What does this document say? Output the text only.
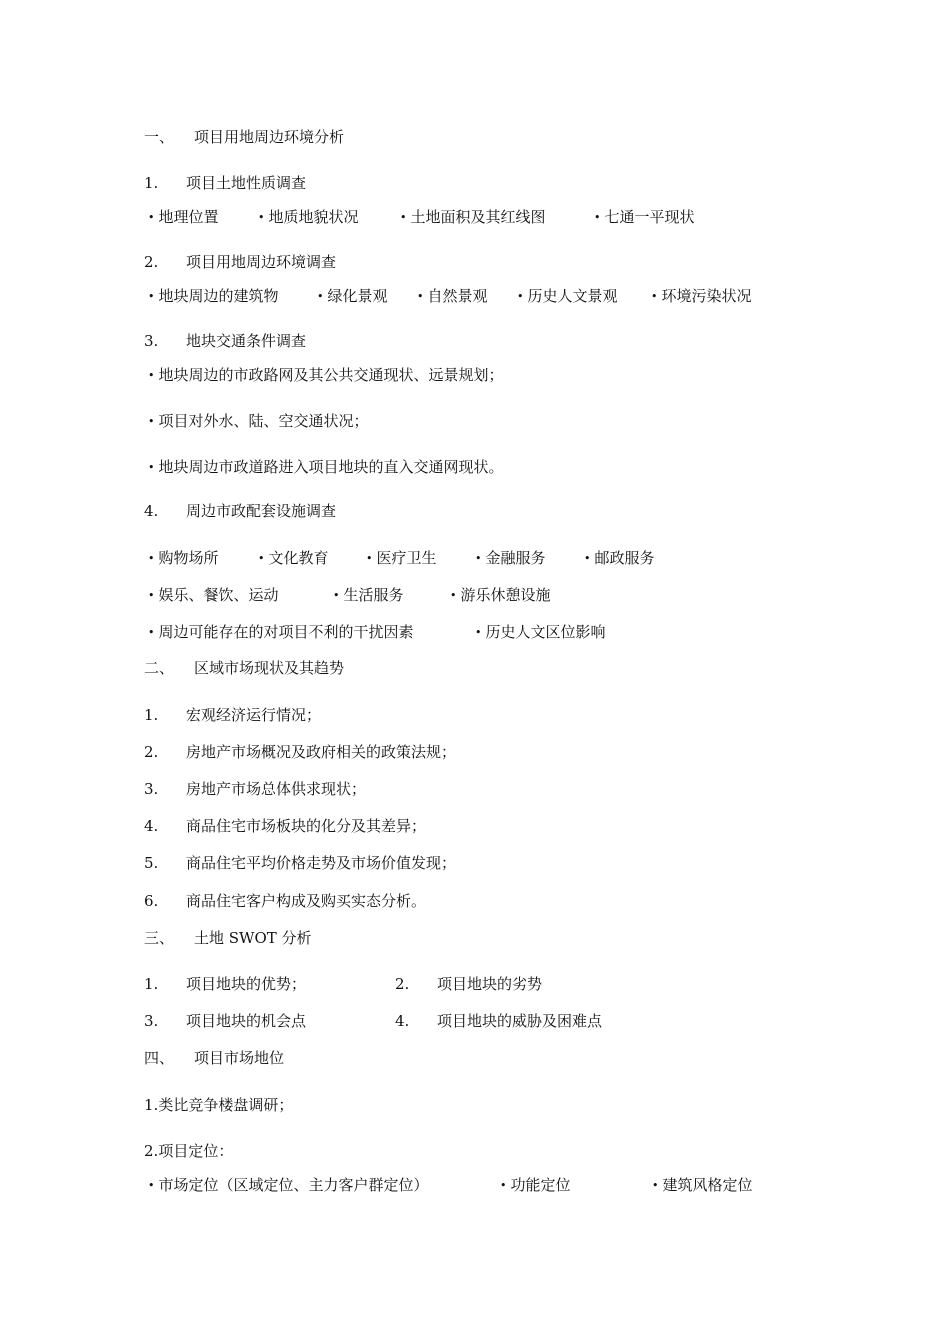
一、 项目用地周边环境分析
1. 项目土地性质调查
• 地理位置	• 地质地貌状况	• 土地面积及其红线图	• 七通一平现状
2. 项目用地周边环境调查
• 地块周边的建筑物	• 绿化景观	• 自然景观	• 历史人文景观	• 环境污染状况
3. 地块交通条件调查
• 地块周边的市政路网及其公共交通现状、远景规划；
• 项目对外水、陆、空交通状况；
• 地块周边市政道路进入项目地块的直入交通网现状。
4. 周边市政配套设施调查
• 购物场所	• 文化教育	• 医疗卫生	• 金融服务	• 邮政服务
• 娱乐、餐饮、运动	• 生活服务	• 游乐休憩设施
• 周边可能存在的对项目不利的干扰因素	• 历史人文区位影响
二、 区域市场现状及其趋势
1. 宏观经济运行情况；
2. 房地产市场概况及政府相关的政策法规；
3. 房地产市场总体供求现状；
4. 商品住宅市场板块的化分及其差异；
5. 商品住宅平均价格走势及市场价值发现；
6. 商品住宅客户构成及购买实态分析。
三、 土地 SWOT 分析
1. 项目地块的优势；	2. 项目地块的劣势
3. 项目地块的机会点	4. 项目地块的威胁及困难点
四、 项目市场地位
1.类比竞争楼盘调研；
2.项目定位：
• 市场定位（区域定位、主力客户群定位）	• 功能定位	• 建筑风格定位
